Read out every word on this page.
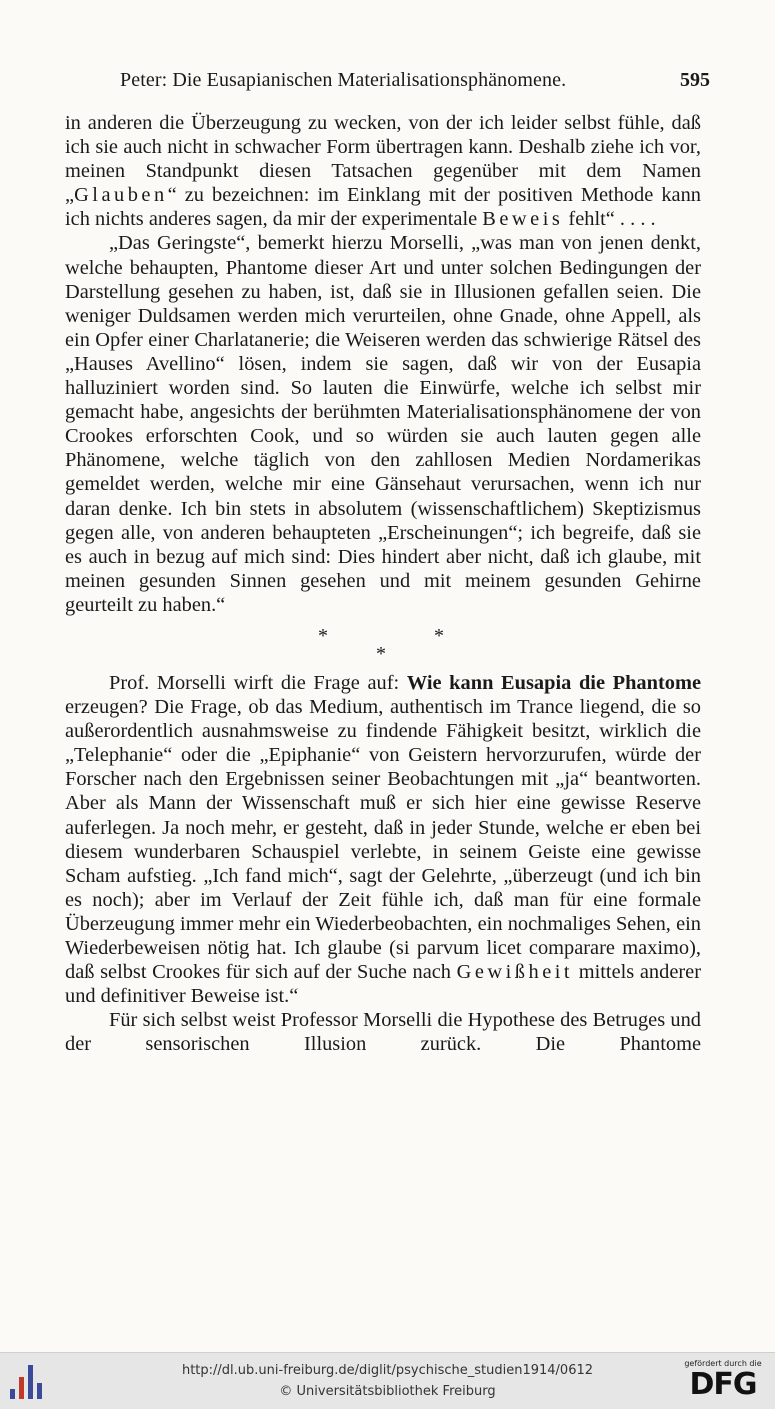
Peter: Die Eusapianischen Materialisationsphänomene.	595

in anderen die Überzeugung zu wecken, von der ich leider selbst fühle, daß ich sie auch nicht in schwacher Form übertragen kann. Deshalb ziehe ich vor, meinen Standpunkt diesen Tatsachen gegenüber mit dem Namen „Glauben“ zu bezeichnen: im Einklang mit der positiven Methode kann ich nichts anderes sagen, da mir der experimentale Beweis fehlt“ . . . .

„Das Geringste“, bemerkt hierzu Morselli, „was man von jenen denkt, welche behaupten, Phantome dieser Art und unter solchen Bedingungen der Darstellung gesehen zu haben, ist, daß sie in Illusionen gefallen seien. Die weniger Duldsamen werden mich verurteilen, ohne Gnade, ohne Appell, als ein Opfer einer Charlatanerie; die Weiseren werden das schwierige Rätsel des „Hauses Avellino“ lösen, indem sie sagen, daß wir von der Eusapia halluziniert worden sind. So lauten die Einwürfe, welche ich selbst mir gemacht habe, angesichts der berühmten Materialisationsphänomene der von Crookes erforschten Cook, und so würden sie auch lauten gegen alle Phänomene, welche täglich von den zahllosen Medien Nordamerikas gemeldet werden, welche mir eine Gänsehaut verursachen, wenn ich nur daran denke. Ich bin stets in absolutem (wissenschaftlichem) Skeptizismus gegen alle, von anderen behaupteten „Erscheinungen“; ich begreife, daß sie es auch in bezug auf mich sind: Dies hindert aber nicht, daß ich glaube, mit meinen gesunden Sinnen gesehen und mit meinem gesunden Gehirne geurteilt zu haben.“

*	*
*

Prof. Morselli wirft die Frage auf: Wie kann Eusapia die Phantome erzeugen? Die Frage, ob das Medium, authentisch im Trance liegend, die so außerordentlich ausnahmsweise zu findende Fähigkeit besitzt, wirklich die „Telephanie“ oder die „Epiphanie“ von Geistern hervorzurufen, würde der Forscher nach den Ergebnissen seiner Beobachtungen mit „ja“ beantworten. Aber als Mann der Wissenschaft muß er sich hier eine gewisse Reserve auferlegen. Ja noch mehr, er gesteht, daß in jeder Stunde, welche er eben bei diesem wunderbaren Schauspiel verlebte, in seinem Geiste eine gewisse Scham aufstieg. „Ich fand mich“, sagt der Gelehrte, „überzeugt (und ich bin es noch); aber im Verlauf der Zeit fühle ich, daß man für eine formale Überzeugung immer mehr ein Wiederbeobachten, ein nochmaliges Sehen, ein Wiederbeweisen nötig hat. Ich glaube (si parvum licet comparare maximo), daß selbst Crookes für sich auf der Suche nach Gewißheit mittels anderer und definitiver Beweise ist.“

Für sich selbst weist Professor Morselli die Hypothese des Betruges und der sensorischen Illusion zurück. Die Phantome

http://dl.ub.uni-freiburg.de/diglit/psychische_studien1914/0612
© Universitätsbibliothek Freiburg
gefördert durch die
DFG
